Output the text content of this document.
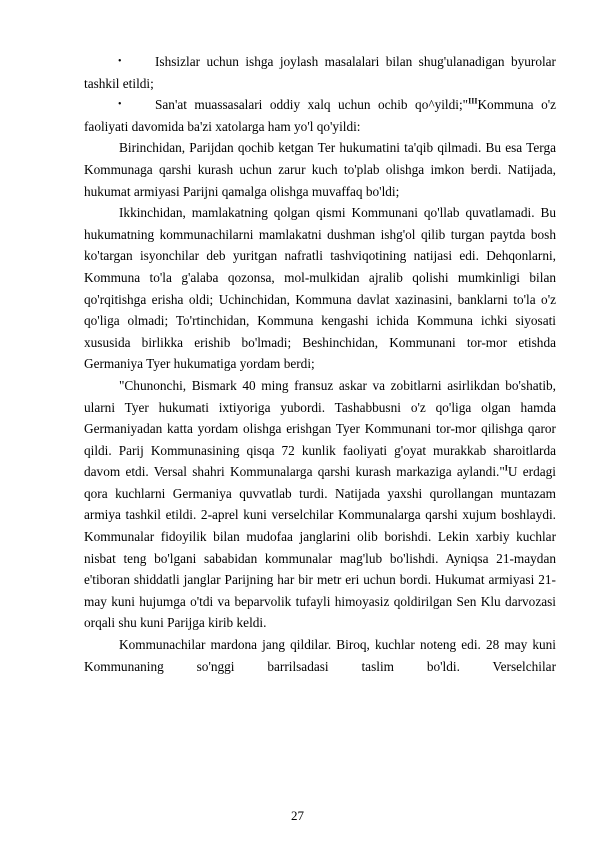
•	Ishsizlar uchun ishga joylash masalalari bilan shug'ulanadigan byurolar tashkil etildi;

•	San'at muassasalari oddiy xalq uchun ochib qo^yildi;"$^{III}$Kommuna o'z faoliyati davomida ba'zi xatolarga ham yo'l qo'yildi:

Birinchidan, Parijdan qochib ketgan Ter hukumatini ta'qib qilmadi. Bu esa Terga Kommunaga qarshi kurash uchun zarur kuch to'plab olishga imkon berdi. Natijada, hukumat armiyasi Parijni qamalga olishga muvaffaq bo'ldi;

Ikkinchidan, mamlakatning qolgan qismi Kommunani qo'llab quvatlamadi. Bu hukumatning kommunachilarni mamlakatni dushman ishg'ol qilib turgan paytda bosh ko'targan isyonchilar deb yuritgan nafratli tashviqotining natijasi edi. Dehqonlarni, Kommuna to'la g'alaba qozonsa, mol-mulkidan ajralib qolishi mumkinligi bilan qo'rqitishga erisha oldi; Uchinchidan, Kommuna davlat xazinasini, banklarni to'la o'z qo'liga olmadi; To'rtinchidan, Kommuna kengashi ichida Kommuna ichki siyosati xususida birlikka erishib bo'lmadi; Beshinchidan, Kommunani tor-mor etishda Germaniya Tyer hukumatiga yordam berdi;

"Chunonchi, Bismark 40 ming fransuz askar va zobitlarni asirlikdan bo'shatib, ularni Tyer hukumati ixtiyoriga yubordi. Tashabbusni o'z qo'liga olgan hamda Germaniyadan katta yordam olishga erishgan Tyer Kommunani tor-mor qilishga qaror qildi. Parij Kommunasining qisqa 72 kunlik faoliyati g'oyat murakkab sharoitlarda davom etdi. Versal shahri Kommunalarga qarshi kurash markaziga aylandi."$^I$U erdagi qora kuchlarni Germaniya quvvatlab turdi. Natijada yaxshi qurollangan muntazam armiya tashkil etildi. 2-aprel kuni verselchilar Kommunalarga qarshi xujum boshlaydi. Kommunalar fidoyilik bilan mudofaa janglarini olib borishdi. Lekin xarbiy kuchlar nisbat teng bo'lgani sababidan kommunalar mag'lub bo'lishdi. Ayniqsa 21-maydan e'tiboran shiddatli janglar Parijning har bir metr eri uchun bordi. Hukumat armiyasi 21- may kuni hujumga o'tdi va beparvolik tufayli himoyasiz qoldirilgan Sen Klu darvozasi orqali shu kuni Parijga kirib keldi.

Kommunachilar mardona jang qildilar. Biroq, kuchlar noteng edi. 28 may kuni Kommunaning so'nggi barrilsadasi taslim bo'ldi. Verselchilar

27
